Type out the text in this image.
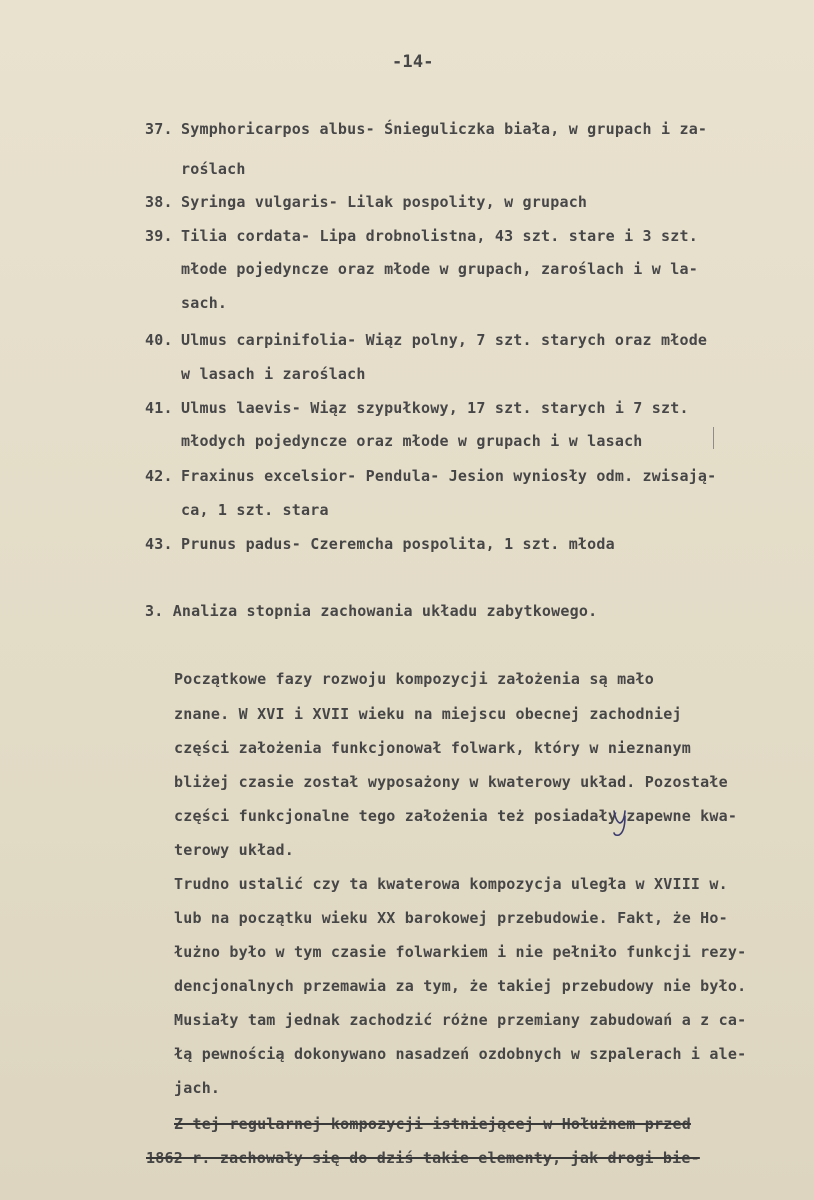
-14-
37. Symphoricarpos albus- Śnieguliczka biała, w grupach i za-
roślach
38. Syringa vulgaris- Lilak pospolity, w grupach
39. Tilia cordata- Lipa drobnolistna, 43 szt. stare i 3 szt.
młode pojedyncze oraz młode w grupach, zaroślach i w la-
sach.
40. Ulmus carpinifolia- Wiąz polny, 7 szt. starych oraz młode
w lasach i zaroślach
41. Ulmus laevis- Wiąz szypułkowy, 17 szt. starych i 7 szt.
młodych pojedyncze oraz młode w grupach i w lasach
42. Fraxinus excelsior- Pendula- Jesion wyniosły odm. zwisają-
ca, 1 szt. stara
43. Prunus padus- Czeremcha pospolita, 1 szt. młoda
3. Analiza stopnia zachowania układu zabytkowego.
Początkowe fazy rozwoju kompozycji założenia są mało
znane. W XVI i XVII wieku na miejscu obecnej zachodniej
części założenia funkcjonował folwark, który w nieznanym
bliżej czasie został wyposażony w kwaterowy układ. Pozostałe
części funkcjonalne tego założenia też posiadały zapewne kwa-
terowy układ.
Trudno ustalić czy ta kwaterowa kompozycja uległa w XVIII w.
lub na początku wieku XX barokowej przebudowie. Fakt, że Ho-
łużno było w tym czasie folwarkiem i nie pełniło funkcji rezy-
dencjonalnych przemawia za tym, że takiej przebudowy nie było.
Musiały tam jednak zachodzić różne przemiany zabudowań a z ca-
łą pewnością dokonywano nasadzeń ozdobnych w szpalerach i ale-
jach.
Z tej regularnej kompozycji istniejącej w Hołużnem przed
1862 r. zachowały się do dziś takie elementy, jak drogi bie-
